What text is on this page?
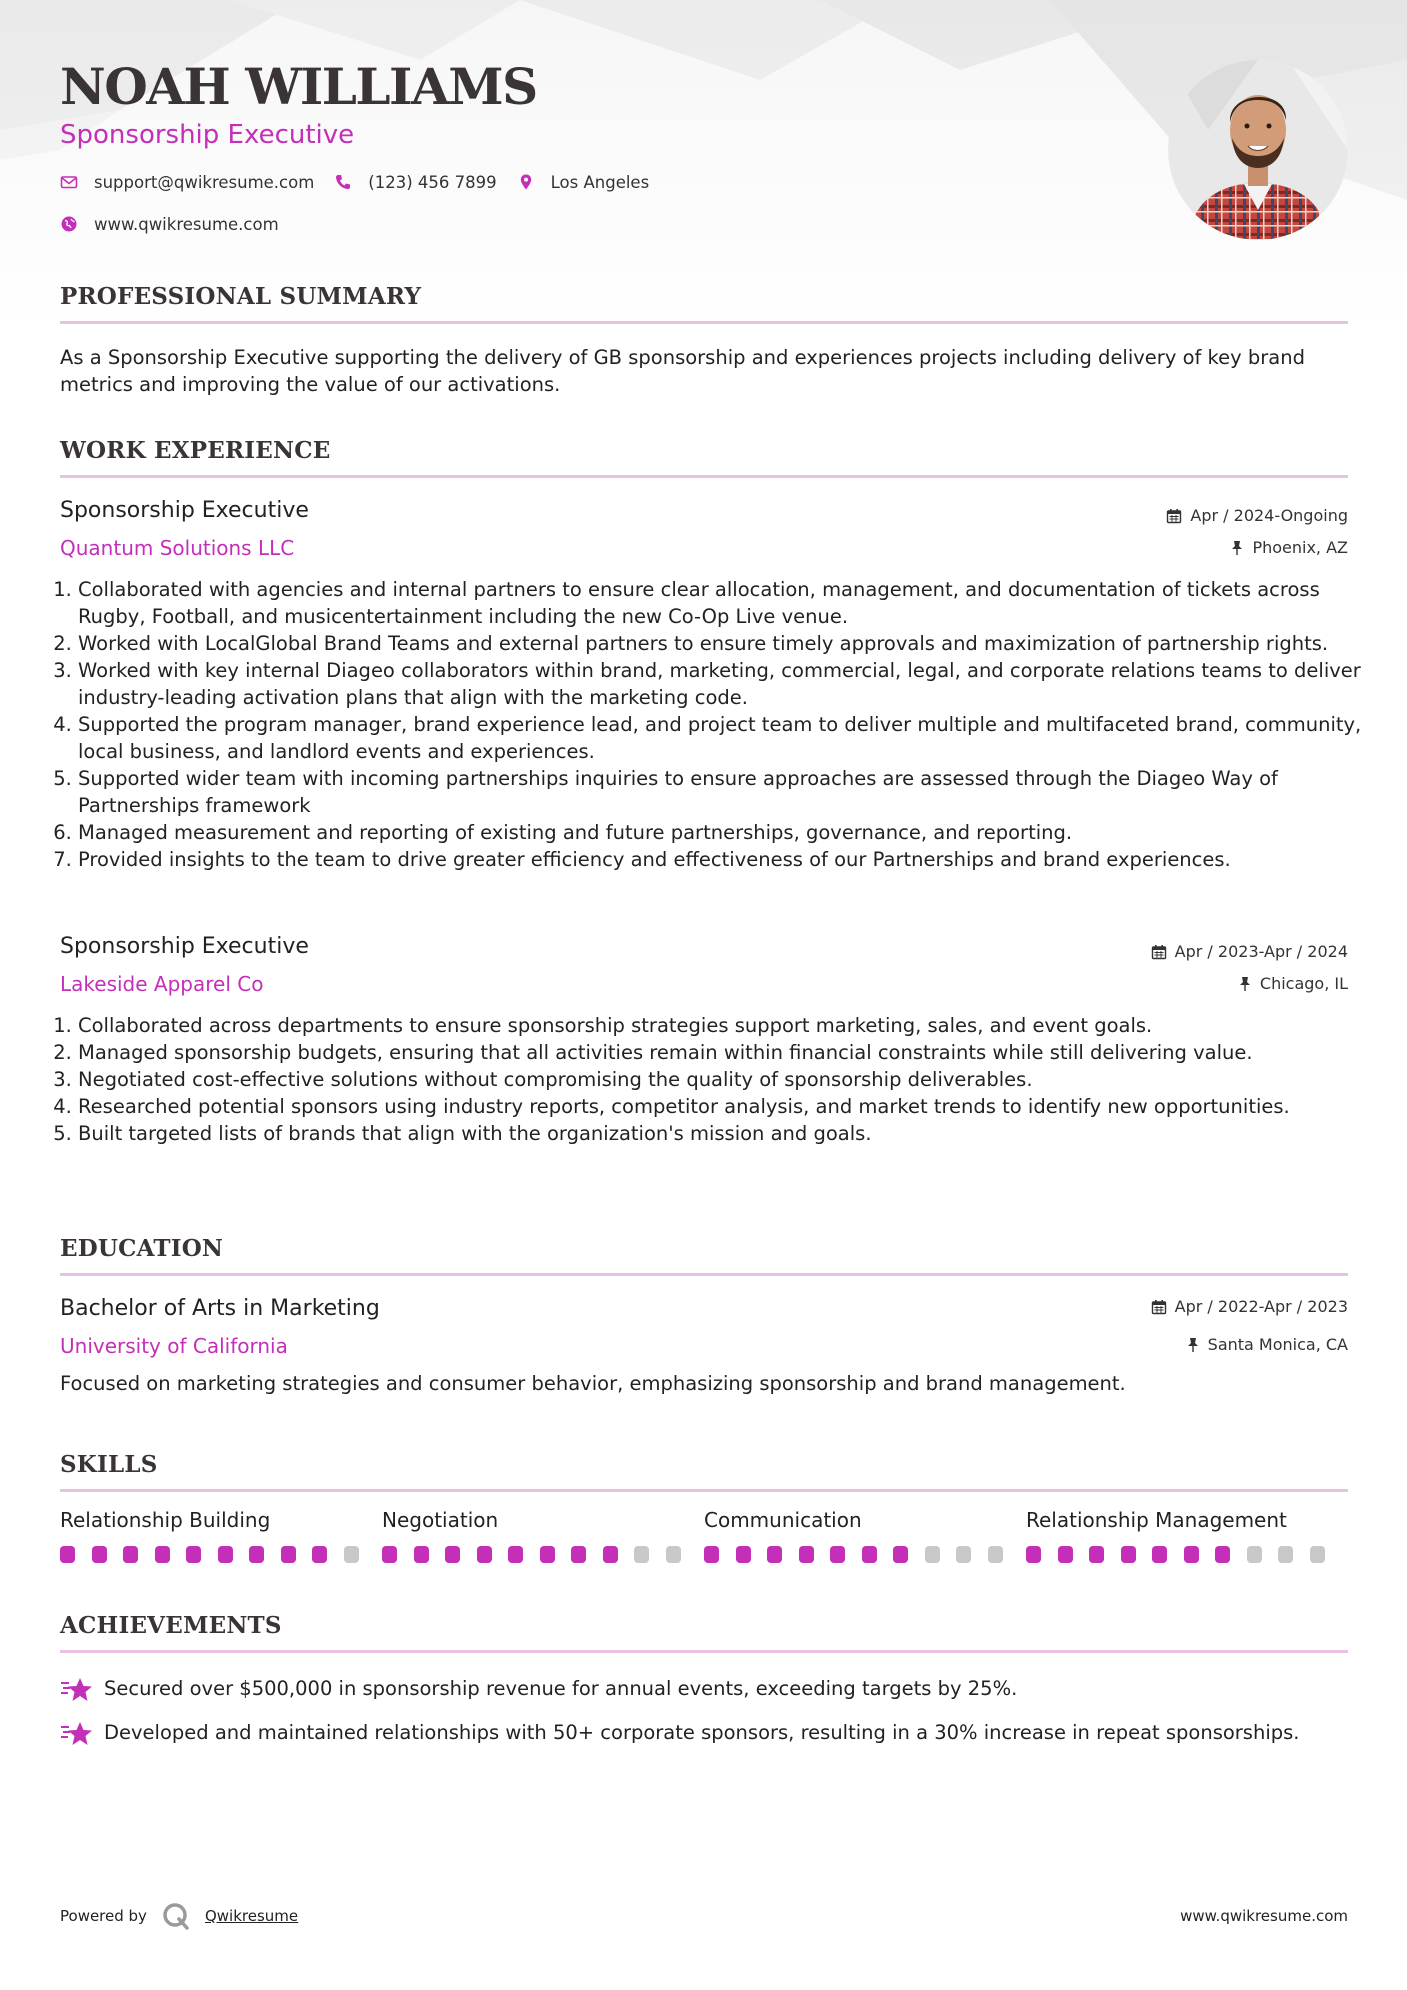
NOAH WILLIAMS
Sponsorship Executive
support@qwikresume.com	(123) 456 7899	Los Angeles
www.qwikresume.com
PROFESSIONAL SUMMARY

As a Sponsorship Executive supporting the delivery of GB sponsorship and experiences projects including delivery of key brand metrics and improving the value of our activations.

WORK EXPERIENCE
Sponsorship Executive	Apr / 2024-Ongoing
Quantum Solutions LLC	Phoenix, AZ
1. Collaborated with agencies and internal partners to ensure clear allocation, management, and documentation of tickets across Rugby, Football, and musicentertainment including the new Co-Op Live venue.
2. Worked with LocalGlobal Brand Teams and external partners to ensure timely approvals and maximization of partnership rights.
3. Worked with key internal Diageo collaborators within brand, marketing, commercial, legal, and corporate relations teams to deliver industry-leading activation plans that align with the marketing code.
4. Supported the program manager, brand experience lead, and project team to deliver multiple and multifaceted brand, community, local business, and landlord events and experiences.
5. Supported wider team with incoming partnerships inquiries to ensure approaches are assessed through the Diageo Way of Partnerships framework
6. Managed measurement and reporting of existing and future partnerships, governance, and reporting.
7. Provided insights to the team to drive greater efficiency and effectiveness of our Partnerships and brand experiences.
Sponsorship Executive	Apr / 2023-Apr / 2024
Lakeside Apparel Co	Chicago, IL
1. Collaborated across departments to ensure sponsorship strategies support marketing, sales, and event goals.
2. Managed sponsorship budgets, ensuring that all activities remain within financial constraints while still delivering value.
3. Negotiated cost-effective solutions without compromising the quality of sponsorship deliverables.
4. Researched potential sponsors using industry reports, competitor analysis, and market trends to identify new opportunities.
5. Built targeted lists of brands that align with the organization's mission and goals.
EDUCATION
Bachelor of Arts in Marketing	Apr / 2022-Apr / 2023
University of California	Santa Monica, CA

Focused on marketing strategies and consumer behavior, emphasizing sponsorship and brand management.

SKILLS
Relationship Building	Negotiation	Communication	Relationship Management
ACHIEVEMENTS
Secured over $500,000 in sponsorship revenue for annual events, exceeding targets by 25%.
Developed and maintained relationships with 50+ corporate sponsors, resulting in a 30% increase in repeat sponsorships.
Powered by	Qwikresume	www.qwikresume.com
